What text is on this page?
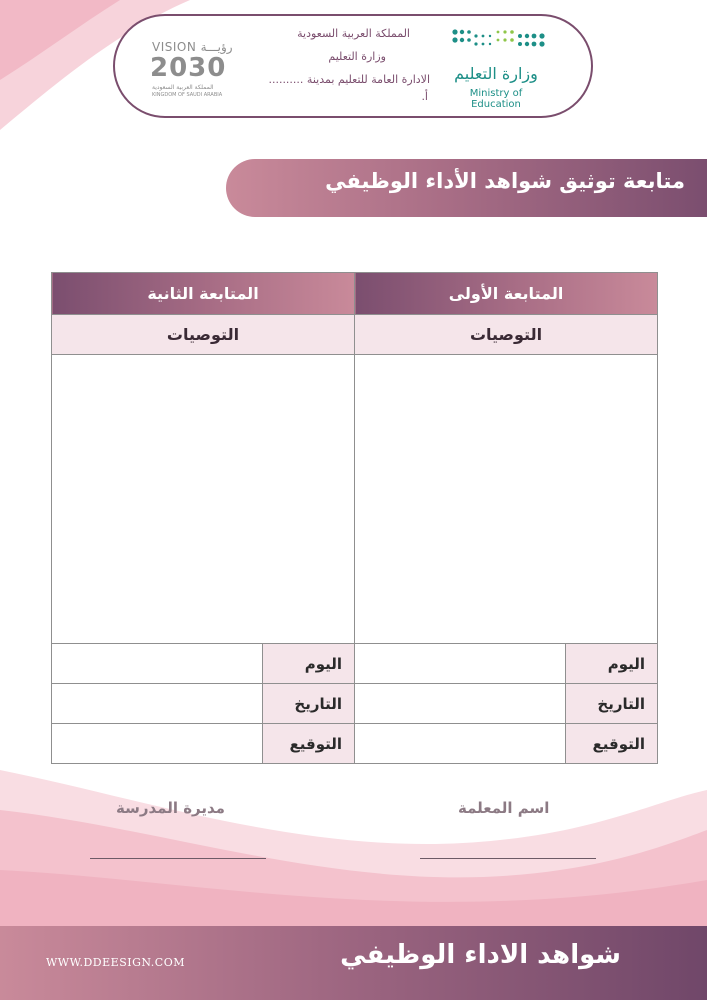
وزارة التعليم
Ministry of Education
المملكة العربية السعودية
وزارة التعليم
الادارة العامة للتعليم بمدينة ..........
أ.
VISION رؤيـــة
2030
المملكة العربية السعودية
KINGDOM OF SAUDI ARABIA
متابعة توثيق شواهد الأداء الوظيفي
المتابعة الأولى		المتابعة الثانية	
التوصيات		التوصيات	

اليوم		اليوم	
التاريخ		التاريخ	
التوقيع		التوقيع	
اسم المعلمة
مديرة المدرسة
شواهد الاداء الوظيفي
WWW.DDEESIGN.COM
